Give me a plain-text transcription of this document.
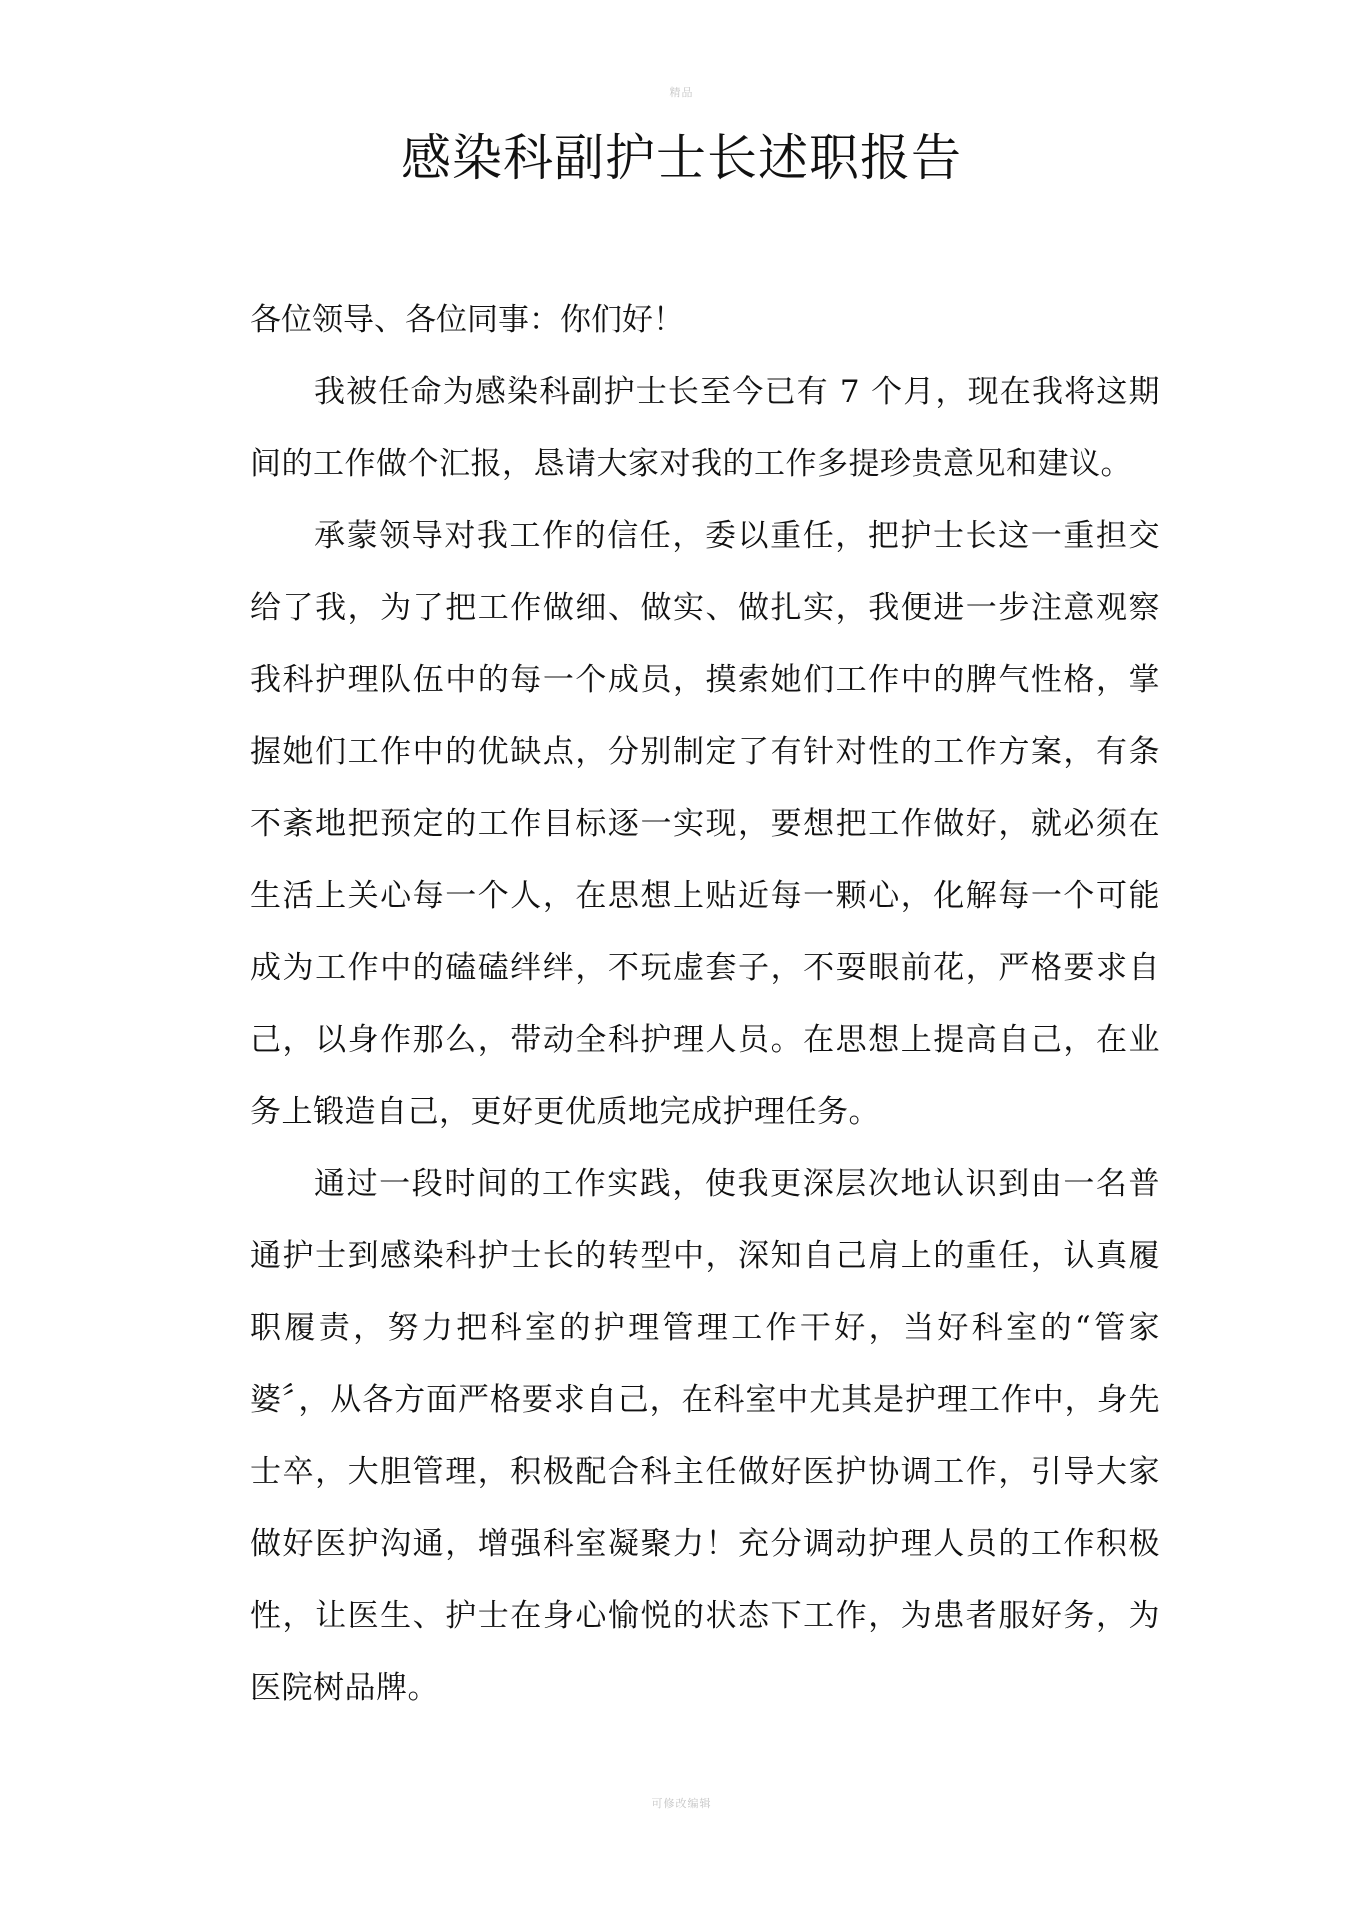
精品
感染科副护士长述职报告

各位领导、各位同事：你们好！

我被任命为感染科副护士长至今已有 7 个月，现在我将这期间的工作做个汇报，恳请大家对我的工作多提珍贵意见和建议。

承蒙领导对我工作的信任，委以重任，把护士长这一重担交给了我，为了把工作做细、做实、做扎实，我便进一步注意观察我科护理队伍中的每一个成员，摸索她们工作中的脾气性格，掌握她们工作中的优缺点，分别制定了有针对性的工作方案，有条不紊地把预定的工作目标逐一实现，要想把工作做好，就必须在生活上关心每一个人，在思想上贴近每一颗心，化解每一个可能成为工作中的磕磕绊绊，不玩虚套子，不耍眼前花，严格要求自己，以身作那么，带动全科护理人员。在思想上提高自己，在业务上锻造自己，更好更优质地完成护理任务。

通过一段时间的工作实践，使我更深层次地认识到由一名普通护士到感染科护士长的转型中，深知自己肩上的重任，认真履职履责，努力把科室的护理管理工作干好，当好科室的“管家婆〞，从各方面严格要求自己，在科室中尤其是护理工作中，身先士卒，大胆管理，积极配合科主任做好医护协调工作，引导大家做好医护沟通，增强科室凝聚力！充分调动护理人员的工作积极性，让医生、护士在身心愉悦的状态下工作，为患者服好务，为医院树品牌。

可修改编辑
